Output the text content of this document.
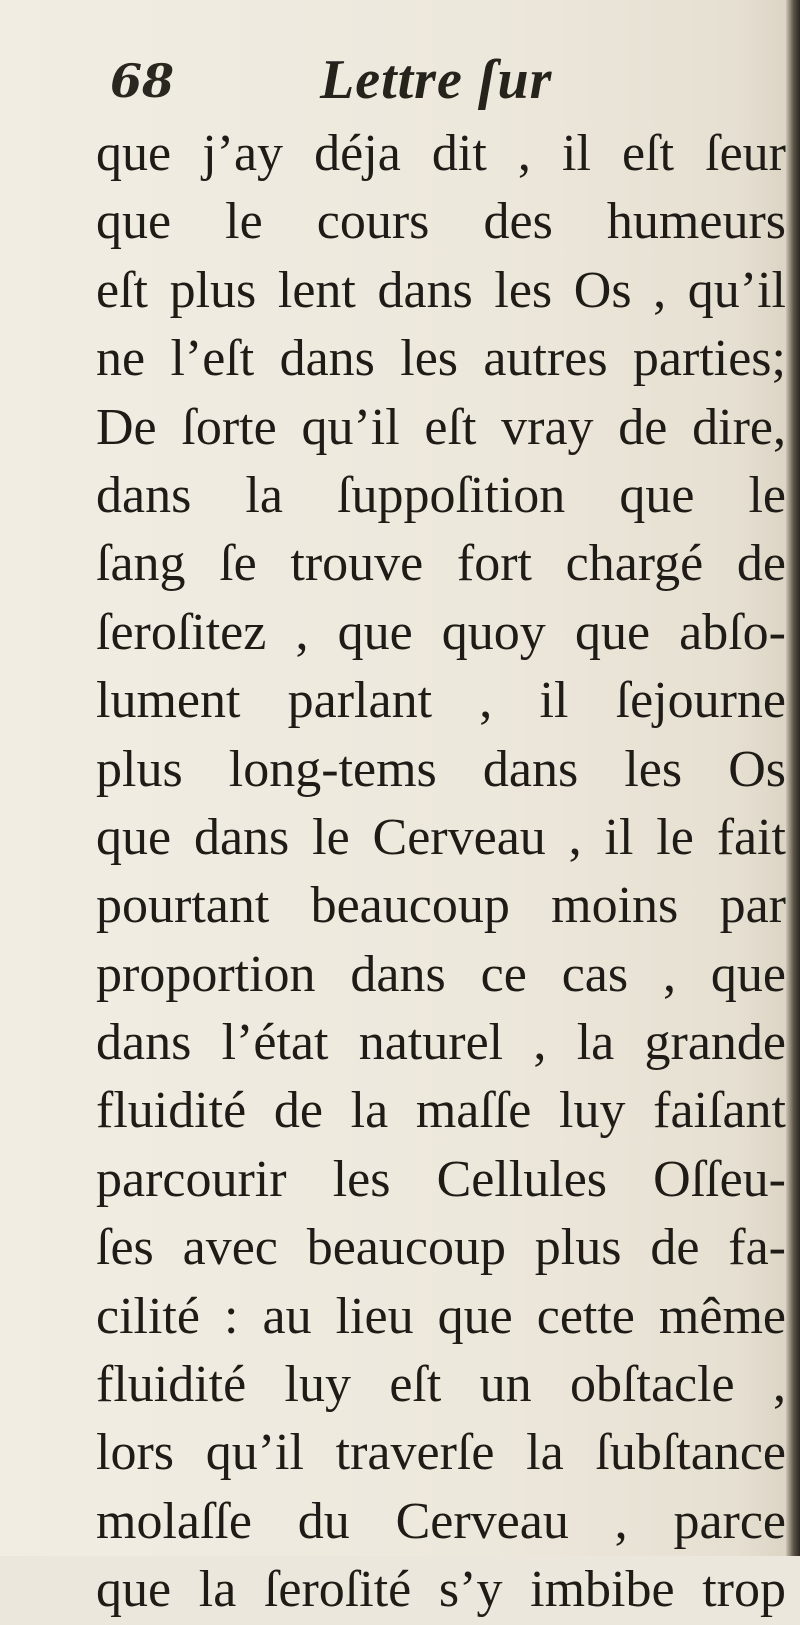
68	Lettre ſur
que j’ay déja dit , il eſt ſeur
que le cours des humeurs
eſt plus lent dans les Os , qu’il
ne l’eſt dans les autres parties;
De ſorte qu’il eſt vray de dire,
dans la ſuppoſition que le
ſang ſe trouve fort chargé de
ſeroſitez , que quoy que abſo-
lument parlant , il ſejourne
plus long-tems dans les Os
que dans le Cerveau , il le fait
pourtant beaucoup moins par
proportion dans ce cas , que
dans l’état naturel , la grande
fluidité de la maſſe luy faiſant
parcourir les Cellules Oſſeu-
ſes avec beaucoup plus de fa-
cilité : au lieu que cette même
fluidité luy eſt un obſtacle ,
lors qu’il traverſe la ſubſtance
molaſſe du Cerveau , parce
que la ſeroſité s’y imbibe trop
